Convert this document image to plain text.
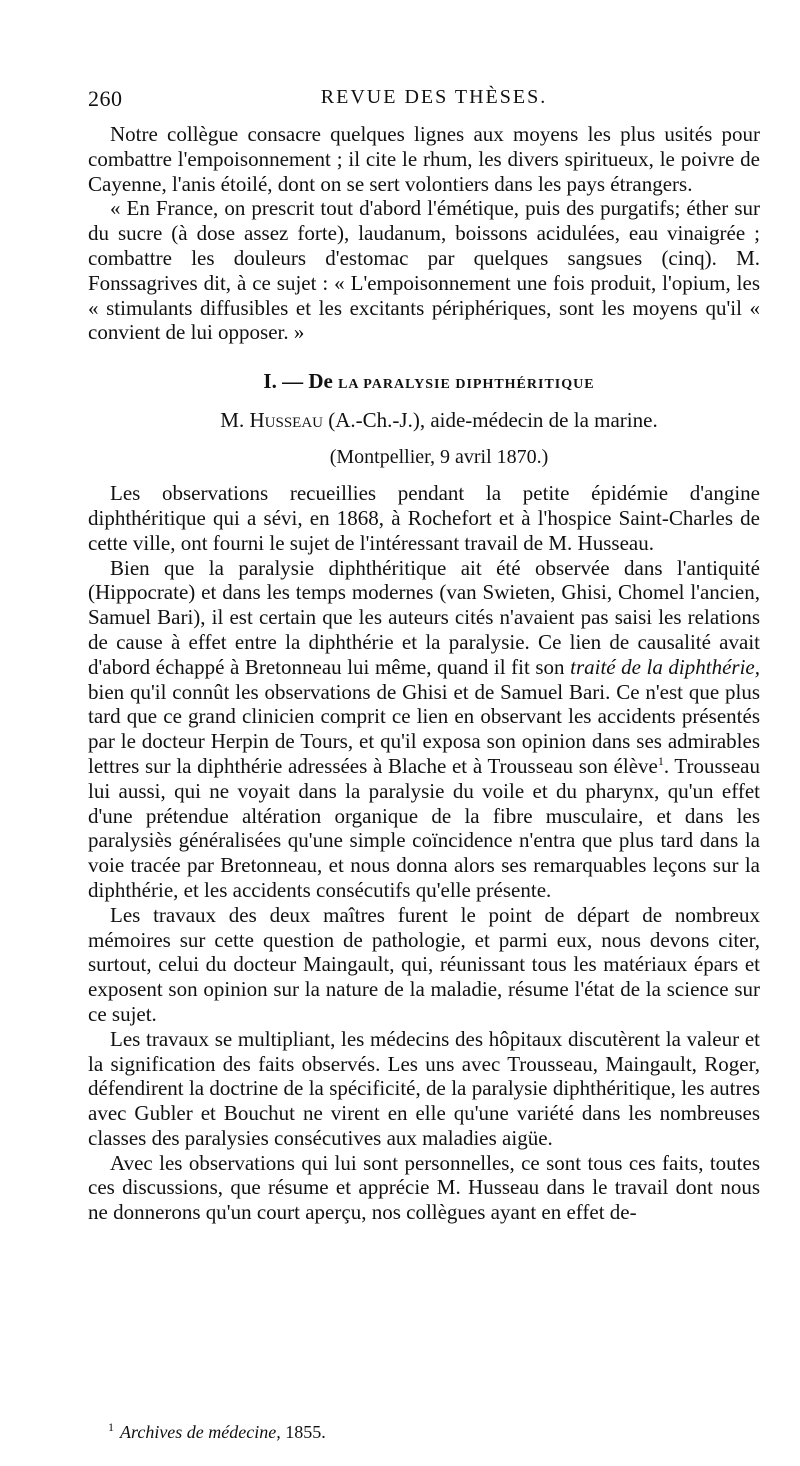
260	REVUE DES THÈSES.

Notre collègue consacre quelques lignes aux moyens les plus usités pour combattre l'empoisonnement ; il cite le rhum, les divers spiritueux, le poivre de Cayenne, l'anis étoilé, dont on se sert volontiers dans les pays étrangers.

« En France, on prescrit tout d'abord l'émétique, puis des purgatifs; éther sur du sucre (à dose assez forte), laudanum, boissons acidulées, eau vinaigrée ; combattre les douleurs d'estomac par quelques sangsues (cinq). M. Fonssagrives dit, à ce sujet : « L'empoisonnement une fois produit, l'opium, les « stimulants diffusibles et les excitants périphériques, sont les moyens qu'il « convient de lui opposer. »

I. — De LA PARALYSIE DIPHTHÉRITIQUE
M. Husseau (A.-Ch.-J.), aide-médecin de la marine.
(Montpellier, 9 avril 1870.)

Les observations recueillies pendant la petite épidémie d'angine diphthéritique qui a sévi, en 1868, à Rochefort et à l'hospice Saint-Charles de cette ville, ont fourni le sujet de l'intéressant travail de M. Husseau.

Bien que la paralysie diphthéritique ait été observée dans l'antiquité (Hippocrate) et dans les temps modernes (van Swieten, Ghisi, Chomel l'ancien, Samuel Bari), il est certain que les auteurs cités n'avaient pas saisi les relations de cause à effet entre la diphthérie et la paralysie. Ce lien de causalité avait d'abord échappé à Bretonneau lui même, quand il fit son traité de la diphthérie, bien qu'il connût les observations de Ghisi et de Samuel Bari. Ce n'est que plus tard que ce grand clinicien comprit ce lien en observant les accidents présentés par le docteur Herpin de Tours, et qu'il exposa son opinion dans ses admirables lettres sur la diphthérie adressées à Blache et à Trousseau son élève$^1$. Trousseau lui aussi, qui ne voyait dans la paralysie du voile et du pharynx, qu'un effet d'une prétendue altération organique de la fibre musculaire, et dans les paralysiès généralisées qu'une simple coïncidence n'entra que plus tard dans la voie tracée par Bretonneau, et nous donna alors ses remarquables leçons sur la diphthérie, et les accidents consécutifs qu'elle présente.

Les travaux des deux maîtres furent le point de départ de nombreux mémoires sur cette question de pathologie, et parmi eux, nous devons citer, surtout, celui du docteur Maingault, qui, réunissant tous les matériaux épars et exposent son opinion sur la nature de la maladie, résume l'état de la science sur ce sujet.

Les travaux se multipliant, les médecins des hôpitaux discutèrent la valeur et la signification des faits observés. Les uns avec Trousseau, Maingault, Roger, défendirent la doctrine de la spécificité, de la paralysie diphthéritique, les autres avec Gubler et Bouchut ne virent en elle qu'une variété dans les nombreuses classes des paralysies consécutives aux maladies aigüe.

Avec les observations qui lui sont personnelles, ce sont tous ces faits, toutes ces discussions, que résume et apprécie M. Husseau dans le travail dont nous ne donnerons qu'un court aperçu, nos collègues ayant en effet de-

$^1$ Archives de médecine, 1855.
